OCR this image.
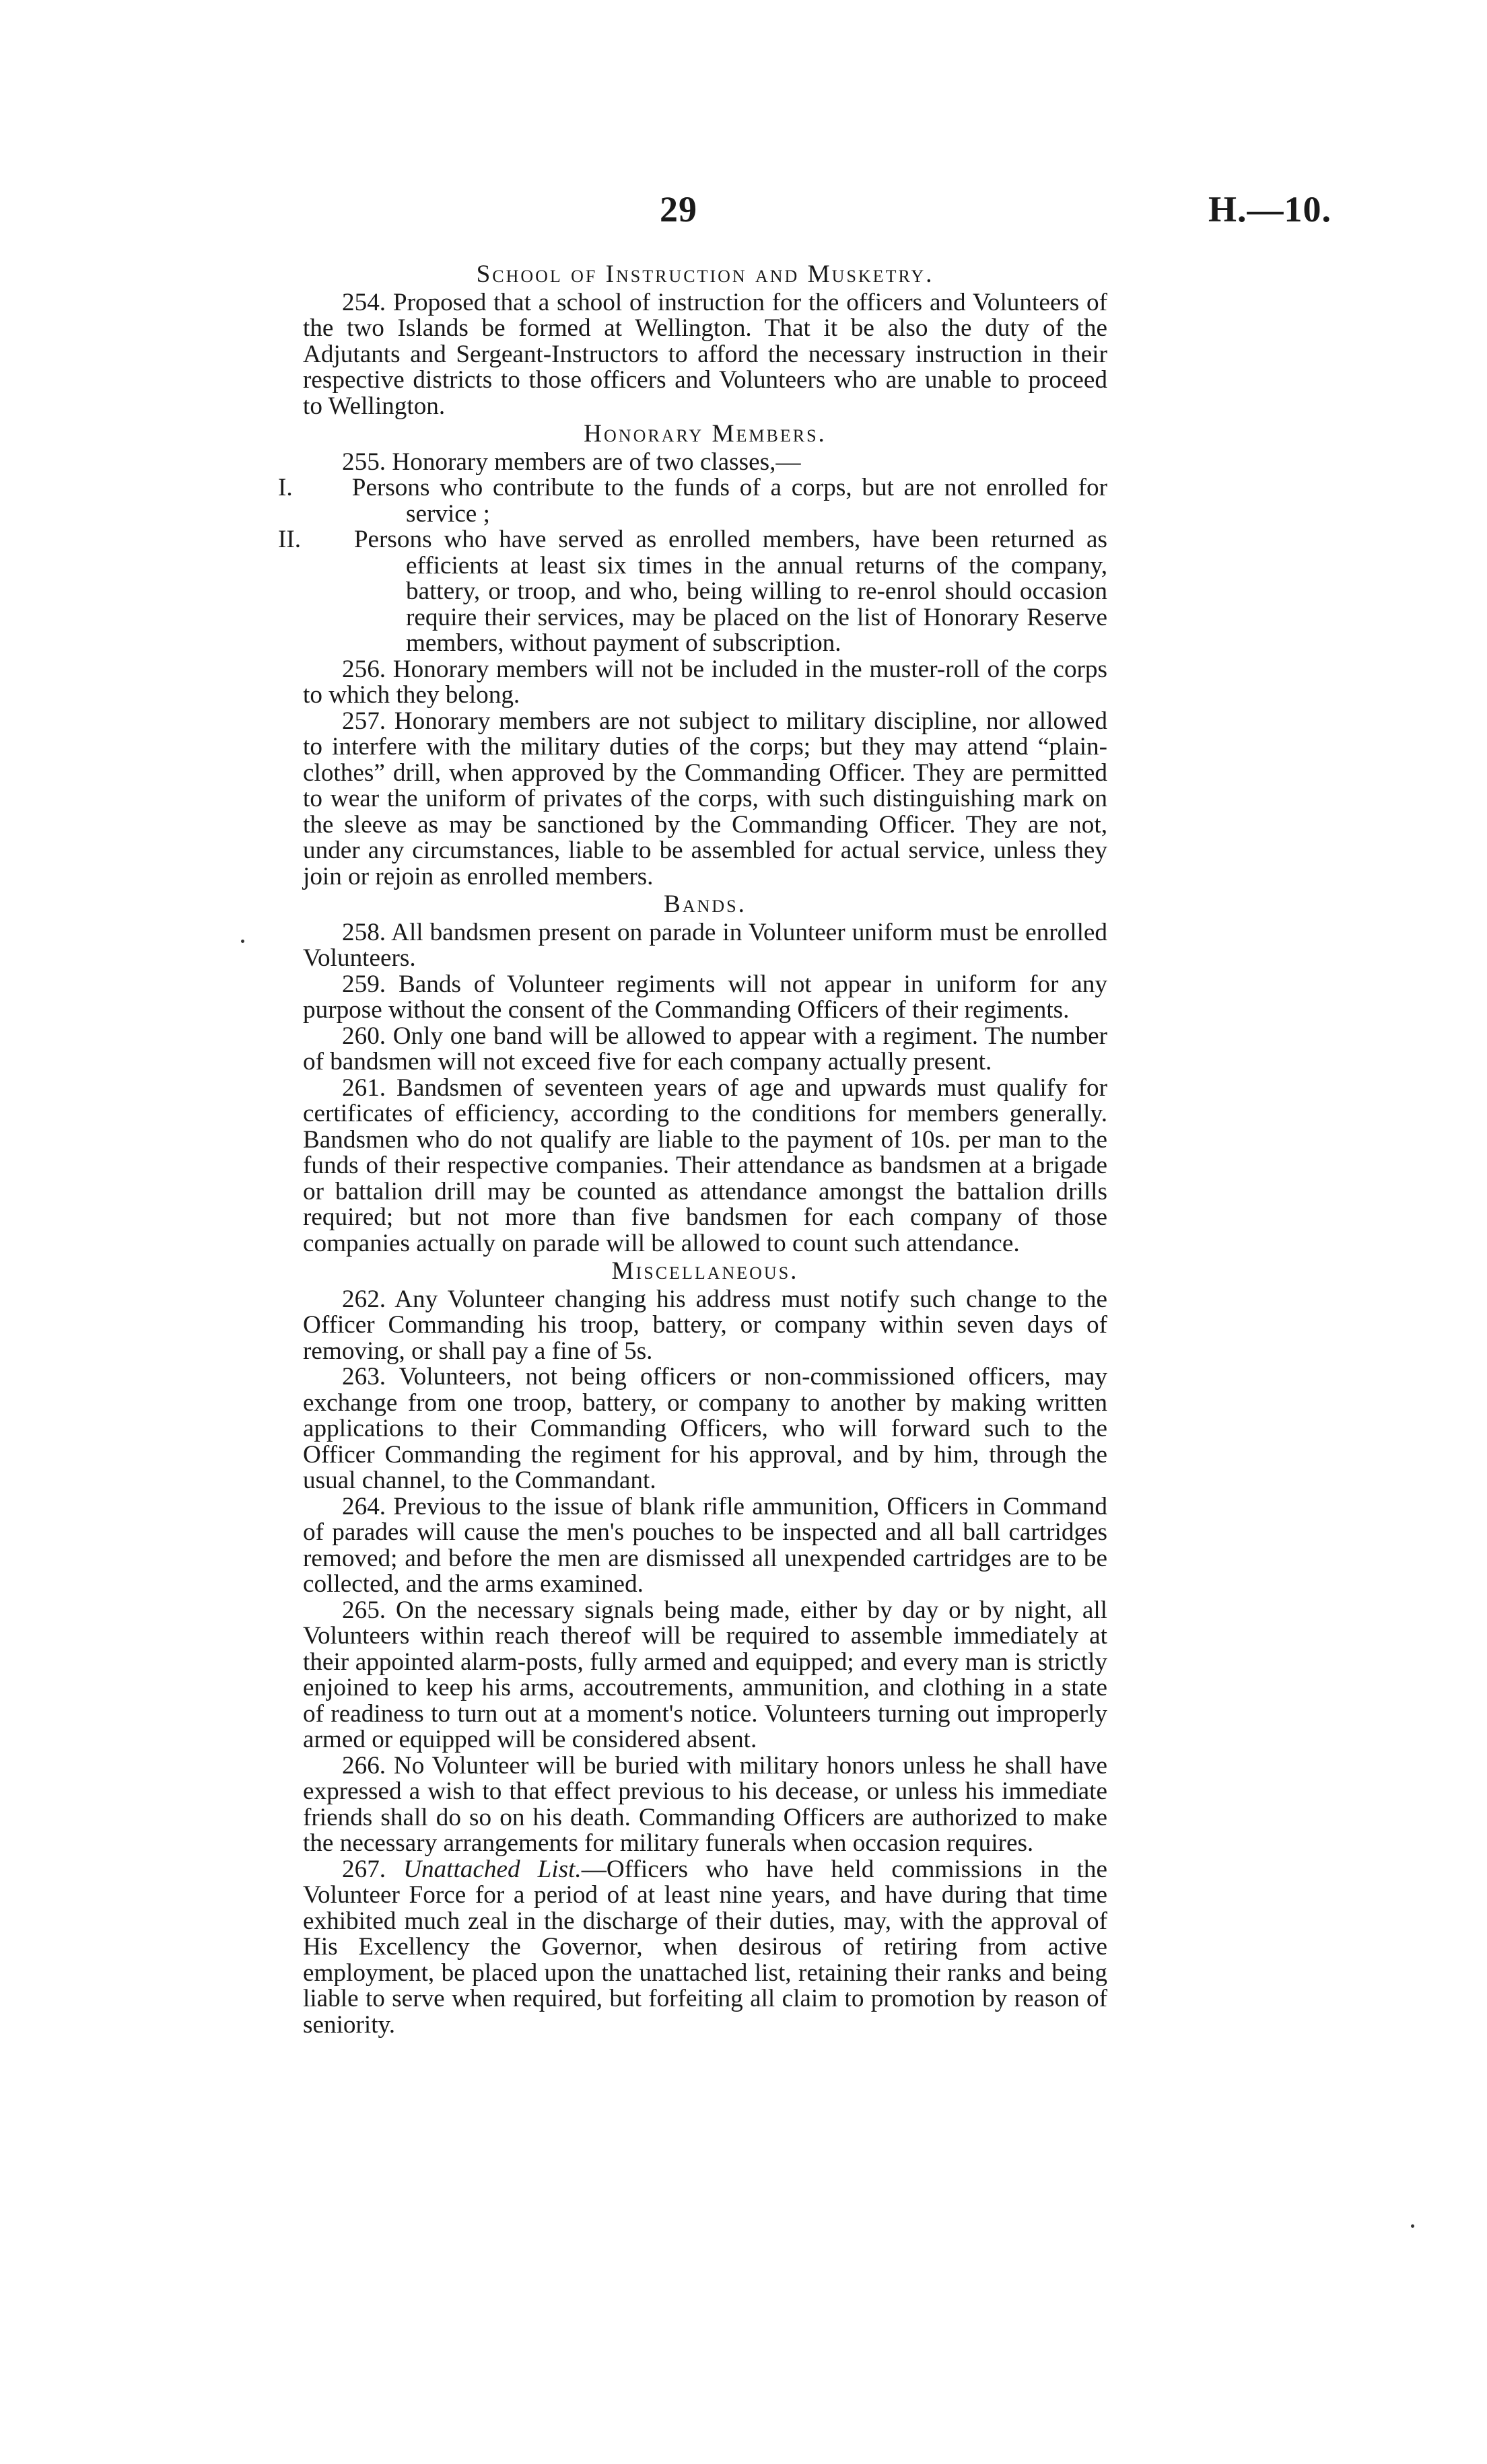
29	H.—10.
School of Instruction and Musketry.

254. Proposed that a school of instruction for the officers and Volunteers of the two Islands be formed at Wellington. That it be also the duty of the Adjutants and Sergeant-Instructors to afford the necessary instruction in their respective districts to those officers and Volunteers who are unable to proceed to Wellington.

Honorary Members.

255. Honorary members are of two classes,—

I. Persons who contribute to the funds of a corps, but are not enrolled for service ;
II. Persons who have served as enrolled members, have been returned as efficients at least six times in the annual returns of the company, battery, or troop, and who, being willing to re-enrol should occasion require their services, may be placed on the list of Honorary Reserve members, without payment of subscription.

256. Honorary members will not be included in the muster-roll of the corps to which they belong.

257. Honorary members are not subject to military discipline, nor allowed to interfere with the military duties of the corps; but they may attend “plain-clothes” drill, when approved by the Commanding Officer. They are permitted to wear the uniform of privates of the corps, with such distinguishing mark on the sleeve as may be sanctioned by the Commanding Officer. They are not, under any circumstances, liable to be assembled for actual service, unless they join or rejoin as enrolled members.

Bands.

258. All bandsmen present on parade in Volunteer uniform must be enrolled Volunteers.

259. Bands of Volunteer regiments will not appear in uniform for any purpose without the consent of the Commanding Officers of their regiments.

260. Only one band will be allowed to appear with a regiment. The number of bandsmen will not exceed five for each company actually present.

261. Bandsmen of seventeen years of age and upwards must qualify for certificates of efficiency, according to the conditions for members generally. Bandsmen who do not qualify are liable to the payment of 10s. per man to the funds of their respective companies. Their attendance as bandsmen at a brigade or battalion drill may be counted as attendance amongst the battalion drills required; but not more than five bandsmen for each company of those companies actually on parade will be allowed to count such attendance.

Miscellaneous.

262. Any Volunteer changing his address must notify such change to the Officer Commanding his troop, battery, or company within seven days of removing, or shall pay a fine of 5s.

263. Volunteers, not being officers or non-commissioned officers, may exchange from one troop, battery, or company to another by making written applications to their Commanding Officers, who will forward such to the Officer Commanding the regiment for his approval, and by him, through the usual channel, to the Commandant.

264. Previous to the issue of blank rifle ammunition, Officers in Command of parades will cause the men's pouches to be inspected and all ball cartridges removed; and before the men are dismissed all unexpended cartridges are to be collected, and the arms examined.

265. On the necessary signals being made, either by day or by night, all Volunteers within reach thereof will be required to assemble immediately at their appointed alarm-posts, fully armed and equipped; and every man is strictly enjoined to keep his arms, accoutrements, ammunition, and clothing in a state of readiness to turn out at a moment's notice. Volunteers turning out improperly armed or equipped will be considered absent.

266. No Volunteer will be buried with military honors unless he shall have expressed a wish to that effect previous to his decease, or unless his immediate friends shall do so on his death. Commanding Officers are authorized to make the necessary arrangements for military funerals when occasion requires.

267. Unattached List.—Officers who have held commissions in the Volunteer Force for a period of at least nine years, and have during that time exhibited much zeal in the discharge of their duties, may, with the approval of His Excellency the Governor, when desirous of retiring from active employment, be placed upon the unattached list, retaining their ranks and being liable to serve when required, but forfeiting all claim to promotion by reason of seniority.
